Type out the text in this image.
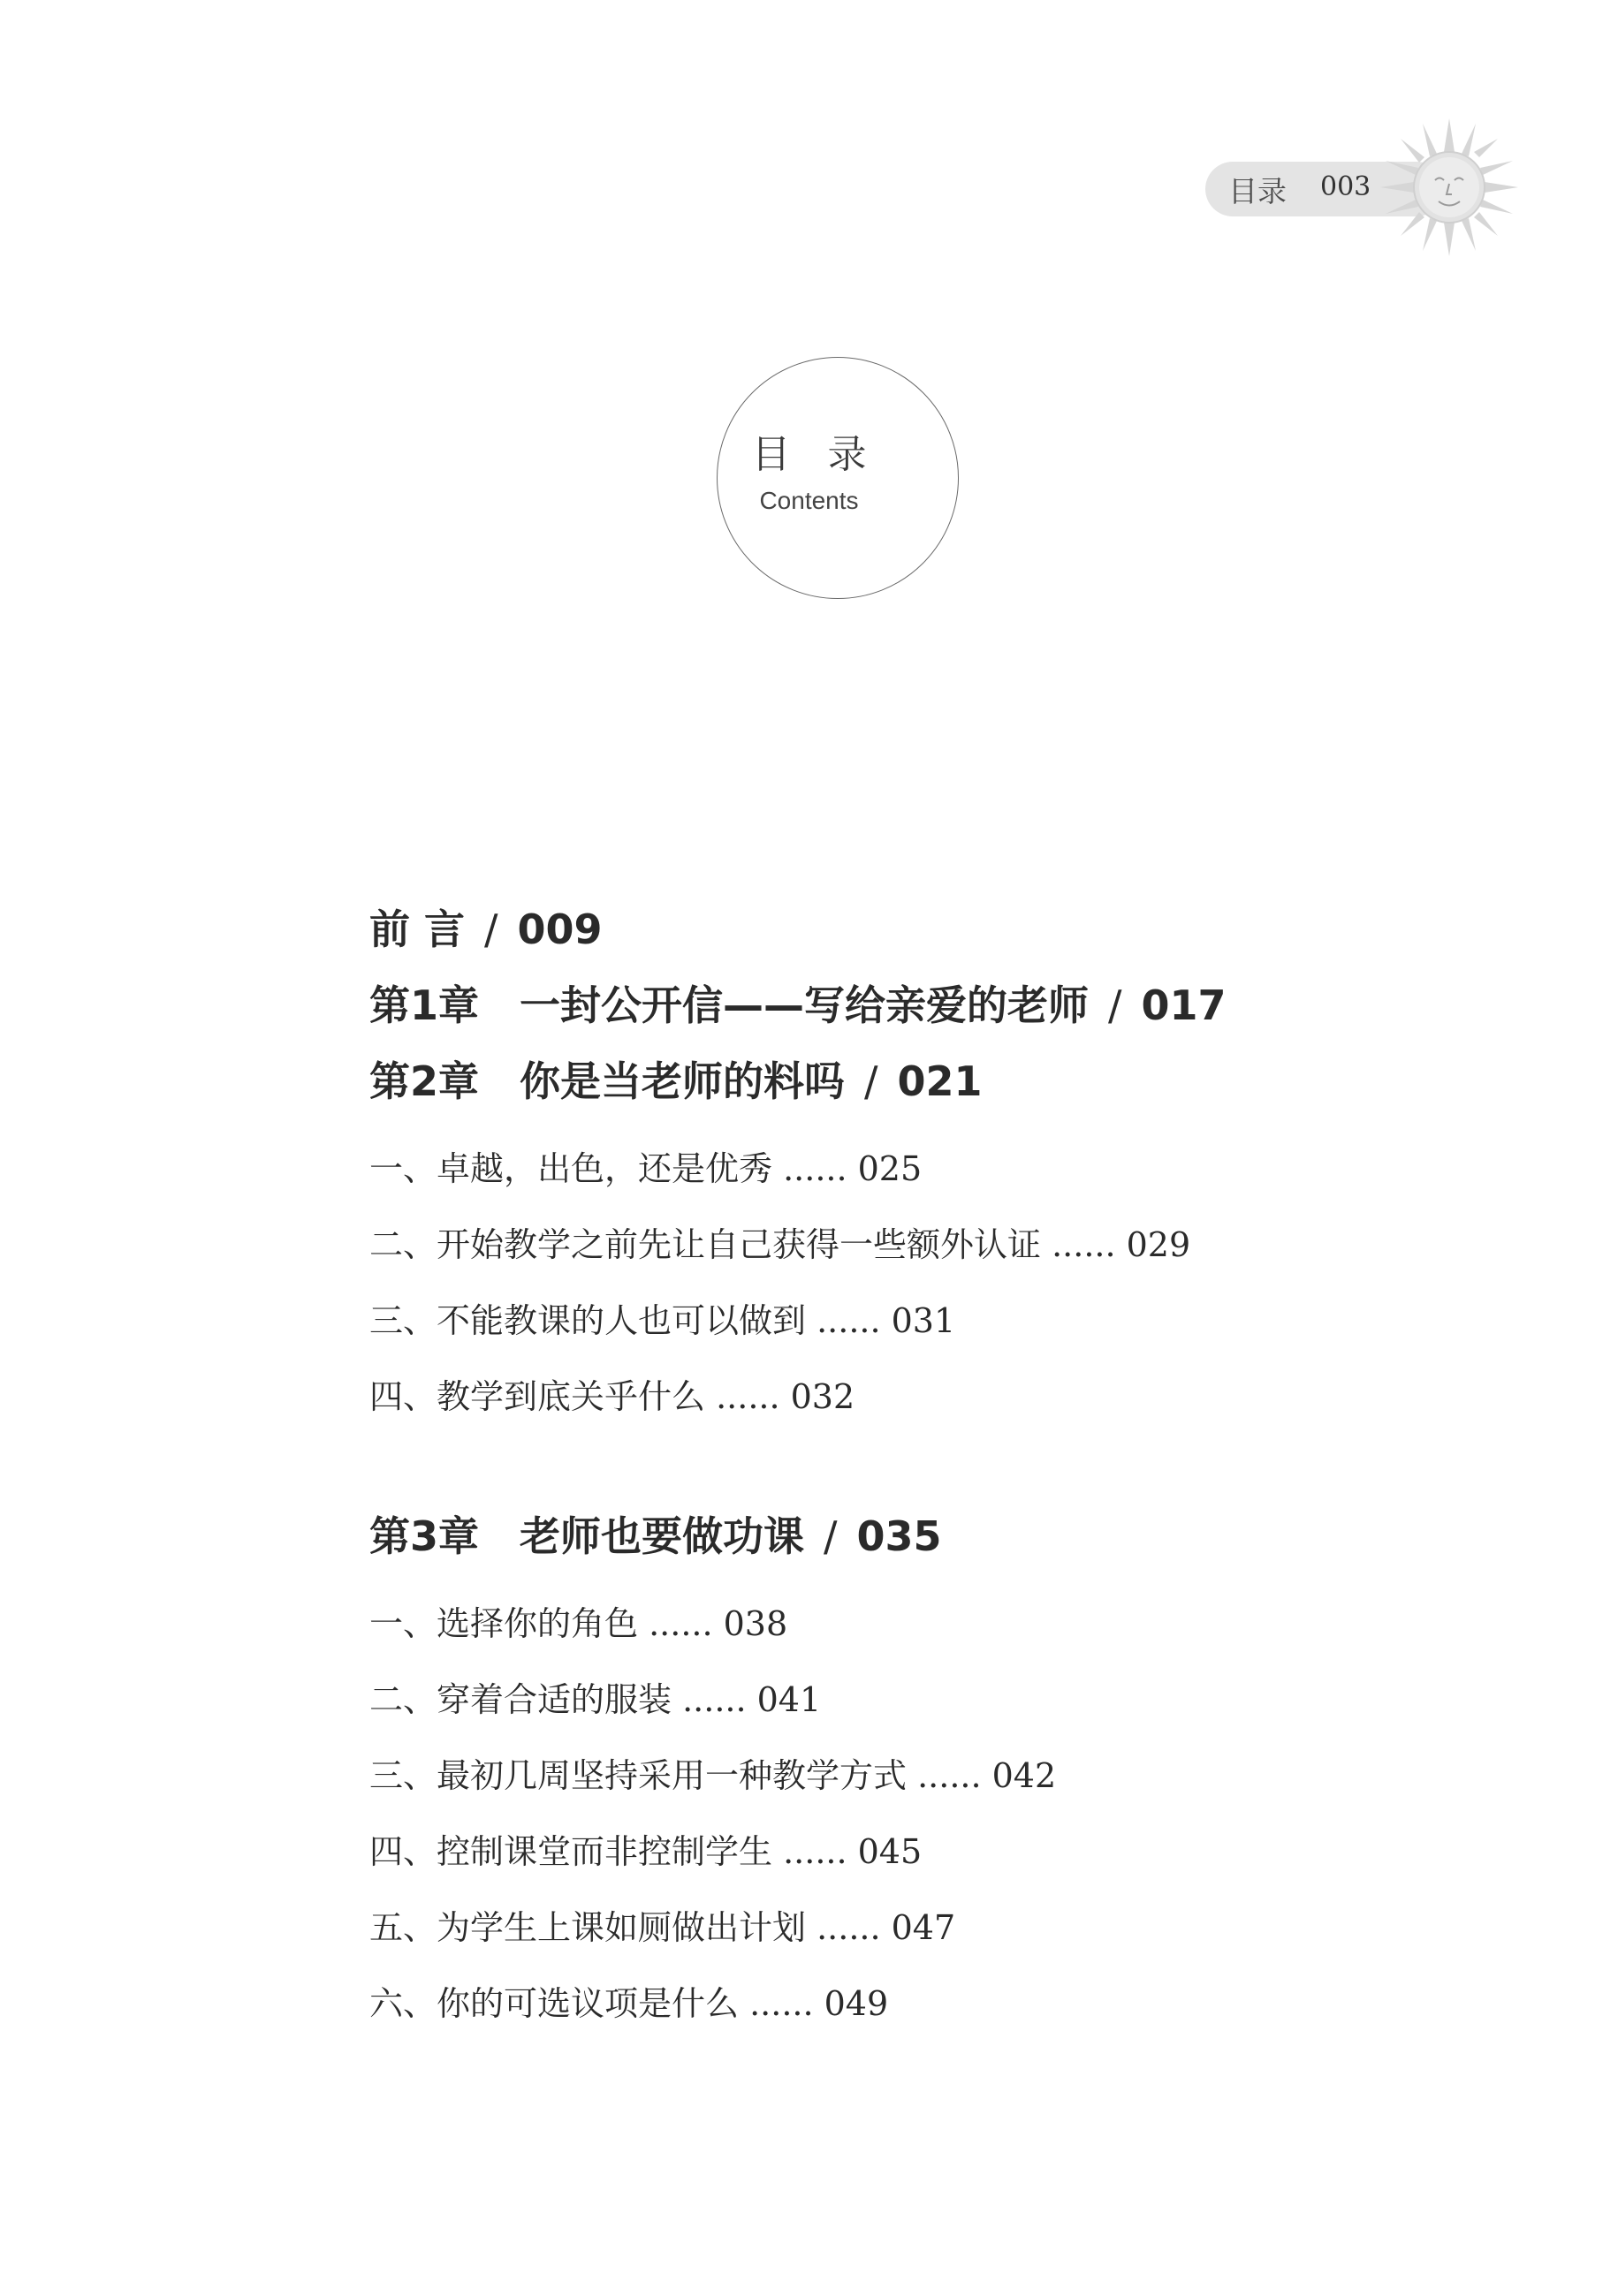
目录 003
目 录
Contents
前 言 / 009
第1章 一封公开信——写给亲爱的老师 / 017
第2章 你是当老师的料吗 / 021
一、卓越，出色，还是优秀 ...... 025
二、开始教学之前先让自己获得一些额外认证 ...... 029
三、不能教课的人也可以做到 ...... 031
四、教学到底关乎什么 ...... 032
第3章 老师也要做功课 / 035
一、选择你的角色 ...... 038
二、穿着合适的服装 ...... 041
三、最初几周坚持采用一种教学方式 ...... 042
四、控制课堂而非控制学生 ...... 045
五、为学生上课如厕做出计划 ...... 047
六、你的可选议项是什么 ...... 049
